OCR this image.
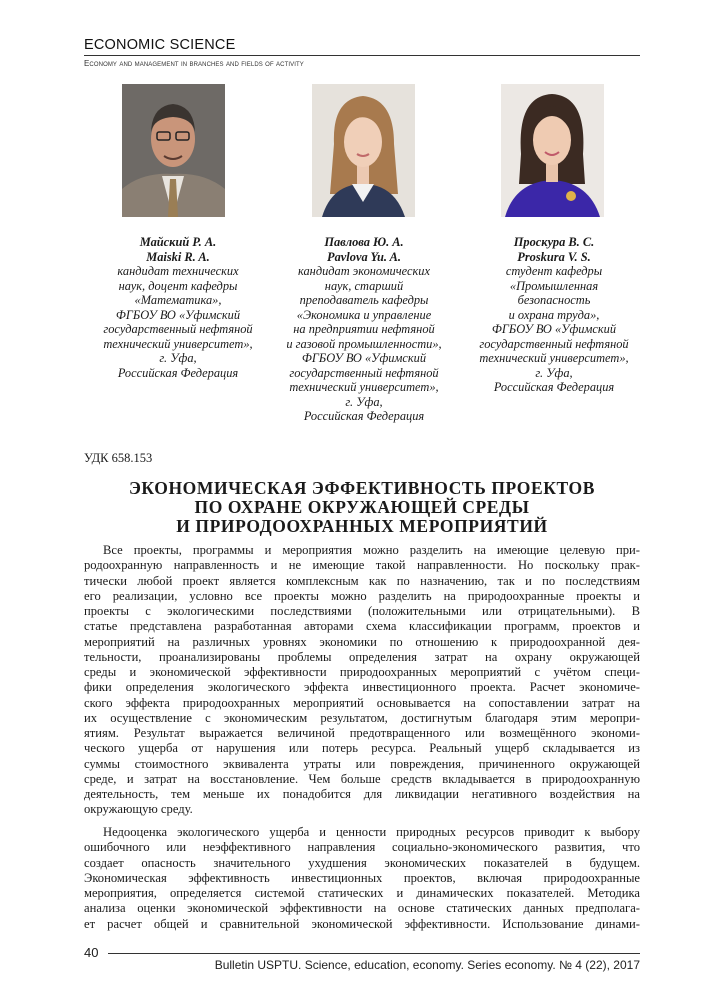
ECONOMIC SCIENCE
Economy and management in branches and fields of activity
Майский Р. А.
Maiski R. A.
кандидат технических
наук, доцент кафедры
«Математика»,
ФГБОУ ВО «Уфимский
государственный нефтяной
технический университет»,
г. Уфа,
Российская Федерация
Павлова Ю. А.
Pavlova Yu. A.
кандидат экономических
наук, старший
преподаватель кафедры
«Экономика и управление
на предприятии нефтяной
и газовой промышленности»,
ФГБОУ ВО «Уфимский
государственный нефтяной
технический университет»,
г. Уфа,
Российская Федерация
Проскура В. С.
Proskura V. S.
студент кафедры
«Промышленная
безопасность
и охрана труда»,
ФГБОУ ВО «Уфимский
государственный нефтяной
технический университет»,
г. Уфа,
Российская Федерация
УДК 658.153
ЭКОНОМИЧЕСКАЯ ЭФФЕКТИВНОСТЬ ПРОЕКТОВ
ПО ОХРАНЕ ОКРУЖАЮЩЕЙ СРЕДЫ
И ПРИРОДООХРАННЫХ МЕРОПРИЯТИЙ
Все проекты, программы и мероприятия можно разделить на имеющие целевую при-
родоохранную направленность и не имеющие такой направленности. Но поскольку прак-
тически любой проект является комплексным как по назначению, так и по последствиям
его реализации, условно все проекты можно разделить на природоохранные проекты и
проекты с экологическими последствиями (положительными или отрицательными). В
статье представлена разработанная авторами схема классификации программ, проектов и
мероприятий на различных уровнях экономики по отношению к природоохранной дея-
тельности, проанализированы проблемы определения затрат на охрану окружающей
среды и экономической эффективности природоохранных мероприятий с учётом специ-
фики определения экологического эффекта инвестиционного проекта. Расчет экономиче-
ского эффекта природоохранных мероприятий основывается на сопоставлении затрат на
их осуществление с экономическим результатом, достигнутым благодаря этим меропри-
ятиям. Результат выражается величиной предотвращенного или возмещённого экономи-
ческого ущерба от нарушения или потерь ресурса. Реальный ущерб складывается из
суммы стоимостного эквивалента утраты или повреждения, причиненного окружающей
среде, и затрат на восстановление. Чем больше средств вкладывается в природоохранную
деятельность, тем меньше их понадобится для ликвидации негативного воздействия на
окружающую среду.
Недооценка экологического ущерба и ценности природных ресурсов приводит к выбору
ошибочного или неэффективного направления социально-экономического развития, что
создает опасность значительного ухудшения экономических показателей в будущем.
Экономическая эффективность инвестиционных проектов, включая природоохранные
мероприятия, определяется системой статических и динамических показателей. Методика
анализа оценки экономической эффективности на основе статических данных предполага-
ет расчет общей и сравнительной экономической эффективности. Использование динами-
40
Bulletin USPTU. Science, education, economy. Series economy. № 4 (22), 2017
